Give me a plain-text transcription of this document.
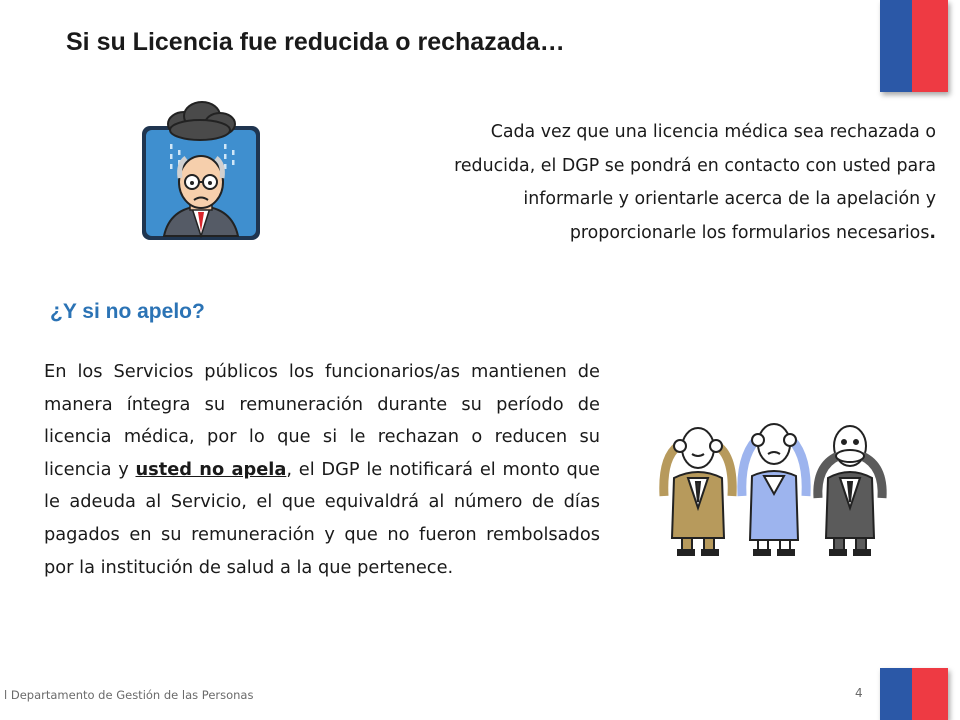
Si su Licencia fue reducida o rechazada…

Cada vez que una licencia médica sea rechazada o reducida, el DGP se pondrá en contacto con usted para informarle y orientarle acerca de la apelación y proporcionarle los formularios necesarios.

¿Y si no apelo?

En los Servicios públicos los funcionarios/as mantienen de manera íntegra su remuneración durante su período de licencia médica, por lo que si le rechazan o reducen su licencia y usted no apela, el DGP le notificará el monto que le adeuda al Servicio, el que equivaldrá al número de días pagados en su remuneración y que no fueron rembolsados por la institución de salud a la que pertenece.

l Departamento de Gestión de las Personas	4
